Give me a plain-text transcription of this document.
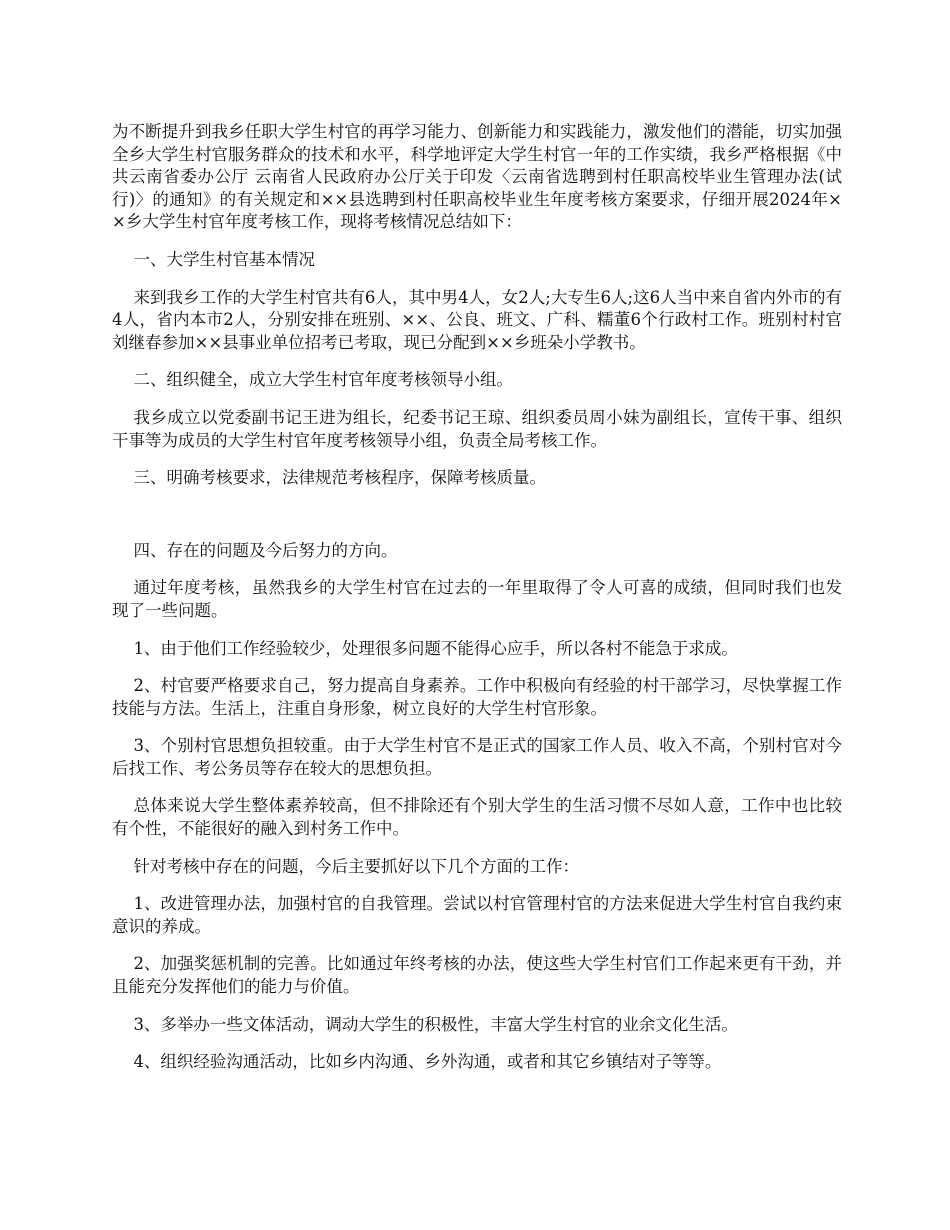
为不断提升到我乡任职大学生村官的再学习能力、创新能力和实践能力，激发他们的潜能，切实加强全乡大学生村官服务群众的技术和水平，科学地评定大学生村官一年的工作实绩，我乡严格根据《中共云南省委办公厅 云南省人民政府办公厅关于印发〈云南省选聘到村任职高校毕业生管理办法(试行)〉的通知》的有关规定和××县选聘到村任职高校毕业生年度考核方案要求，仔细开展2024年××乡大学生村官年度考核工作，现将考核情况总结如下：

一、大学生村官基本情况

来到我乡工作的大学生村官共有6人，其中男4人，女2人;大专生6人;这6人当中来自省内外市的有4人，省内本市2人，分别安排在班别、××、公良、班文、广科、糯董6个行政村工作。班别村村官刘继春参加××县事业单位招考已考取，现已分配到××乡班朵小学教书。

二、组织健全，成立大学生村官年度考核领导小组。

我乡成立以党委副书记王进为组长，纪委书记王琼、组织委员周小妹为副组长，宣传干事、组织干事等为成员的大学生村官年度考核领导小组，负责全局考核工作。

三、明确考核要求，法律规范考核程序，保障考核质量。

四、存在的问题及今后努力的方向。

通过年度考核，虽然我乡的大学生村官在过去的一年里取得了令人可喜的成绩，但同时我们也发现了一些问题。

1、由于他们工作经验较少，处理很多问题不能得心应手，所以各村不能急于求成。

2、村官要严格要求自己，努力提高自身素养。工作中积极向有经验的村干部学习，尽快掌握工作技能与方法。生活上，注重自身形象，树立良好的大学生村官形象。

3、个别村官思想负担较重。由于大学生村官不是正式的国家工作人员、收入不高，个别村官对今后找工作、考公务员等存在较大的思想负担。

总体来说大学生整体素养较高，但不排除还有个别大学生的生活习惯不尽如人意，工作中也比较有个性，不能很好的融入到村务工作中。

针对考核中存在的问题，今后主要抓好以下几个方面的工作：

1、改进管理办法，加强村官的自我管理。尝试以村官管理村官的方法来促进大学生村官自我约束意识的养成。

2、加强奖惩机制的完善。比如通过年终考核的办法，使这些大学生村官们工作起来更有干劲，并且能充分发挥他们的能力与价值。

3、多举办一些文体活动，调动大学生的积极性，丰富大学生村官的业余文化生活。

4、组织经验沟通活动，比如乡内沟通、乡外沟通，或者和其它乡镇结对子等等。
